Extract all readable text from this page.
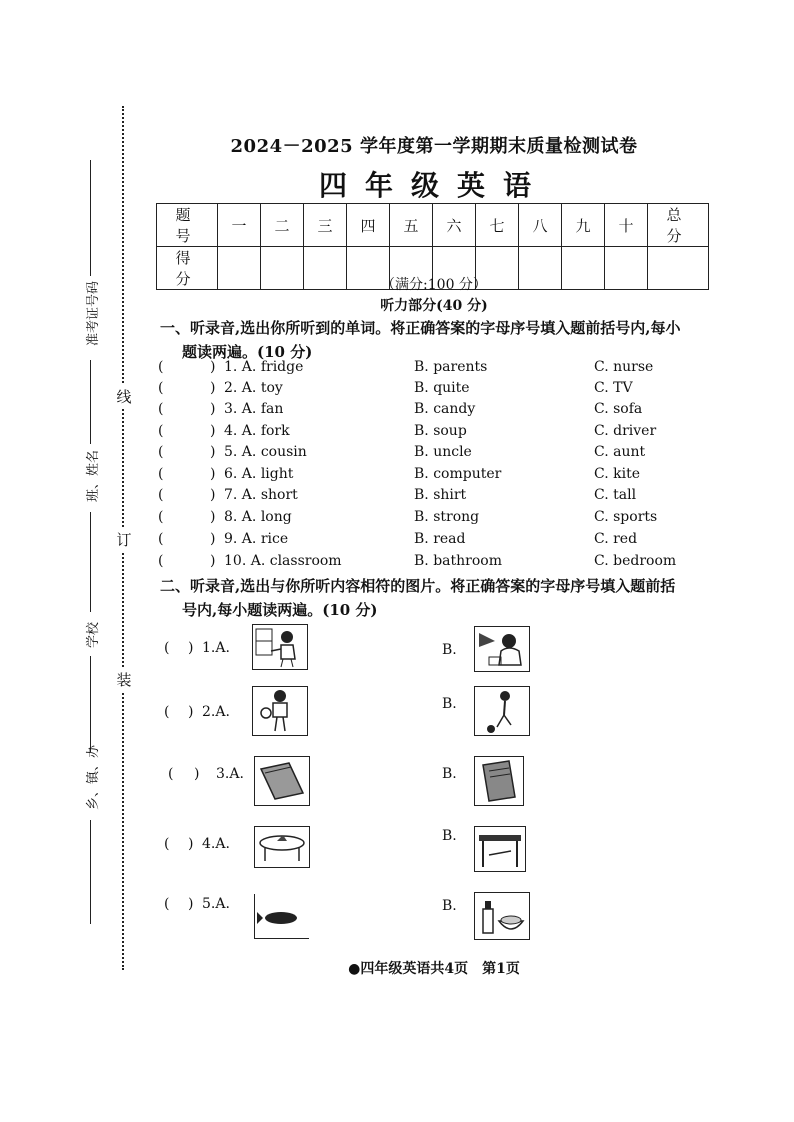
线
订
装
准考证号码
班、姓名
学校
乡、镇、办
2024－2025 学年度第一学期期末质量检测试卷
四年级英语
题 号	一	二	三	四	五	六	七	八	九	十	总 分
得 分												（满分:100 分）
听力部分(40 分)
一、听录音,选出你所听到的单词。将正确答案的字母序号填入题前括号内,每小
题读两遍。(10 分)
(	) 1. A. fridge	B. parents	C. nurse
(	) 2. A. toy	B. quite	C. TV
(	) 3. A. fan	B. candy	C. sofa
(	) 4. A. fork	B. soup	C. driver
(	) 5. A. cousin	B. uncle	C. aunt
(	) 6. A. light	B. computer	C. kite
(	) 7. A. short	B. shirt	C. tall
(	) 8. A. long	B. strong	C. sports
(	) 9. A. rice	B. read	C. red
(	) 10. A. classroom	B. bathroom	C. bedroom
二、听录音,选出与你所听内容相符的图片。将正确答案的字母序号填入题前括
号内,每小题读两遍。(10 分)
( ) 1.A.	B.
( ) 2.A.	B.
( ) 3.A.	B.
( ) 4.A.	B.
( ) 5.A.	B.
●四年级英语共4页　第1页
